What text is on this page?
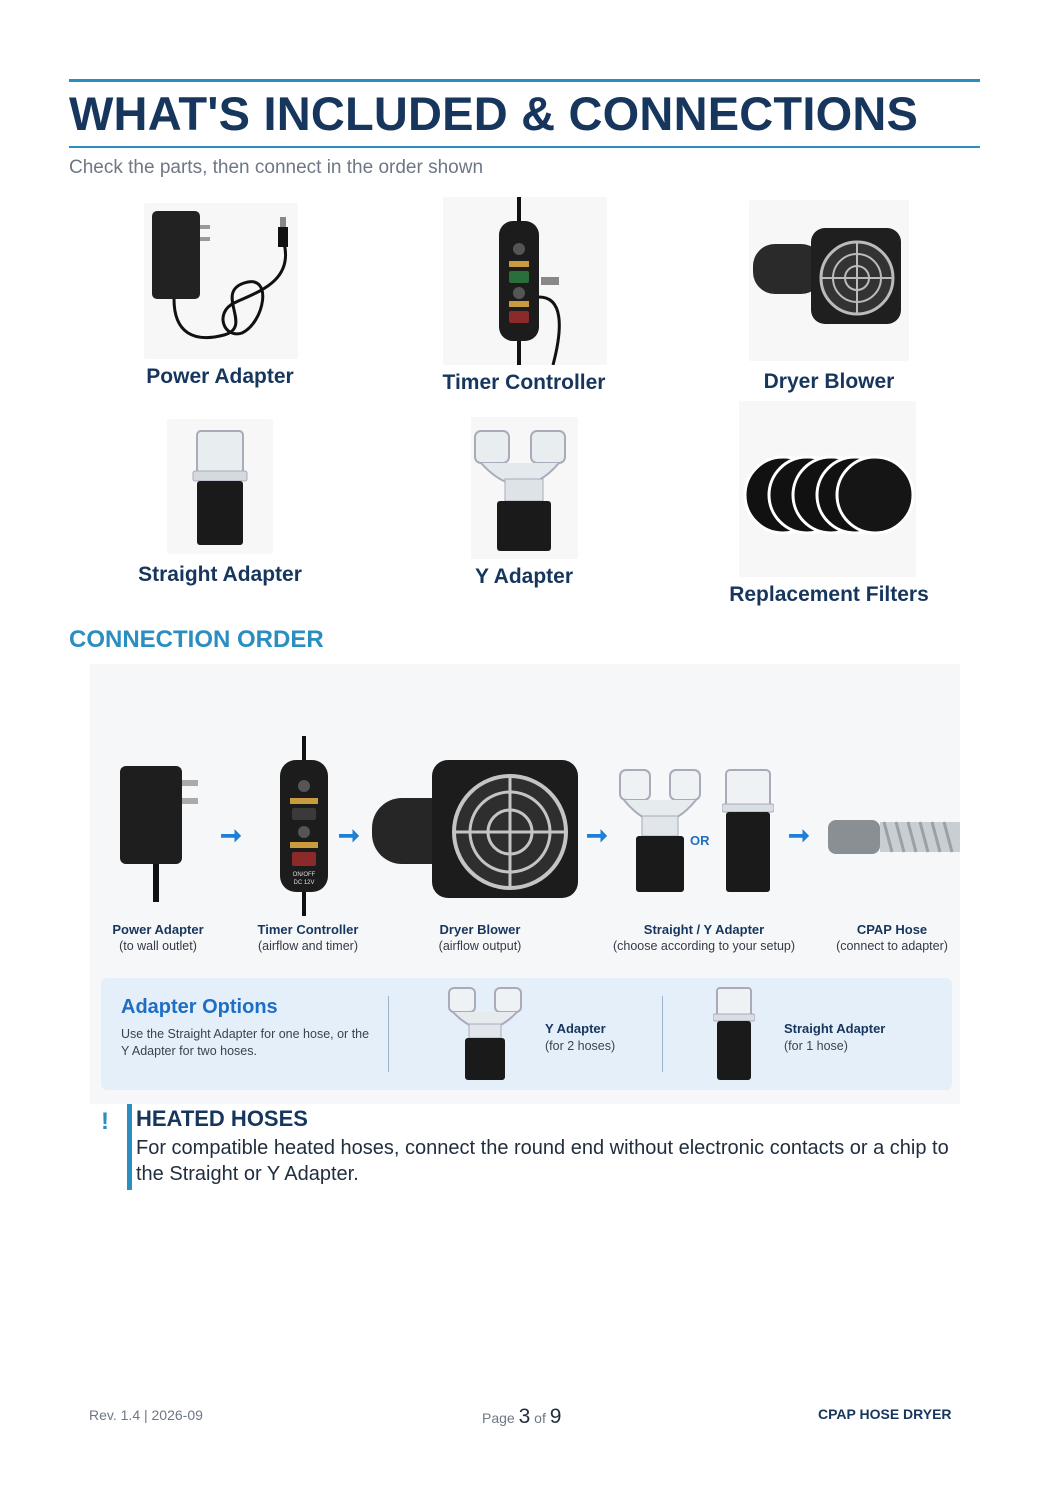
WHAT'S INCLUDED & CONNECTIONS

Check the parts, then connect in the order shown

Power Adapter	Timer Controller	Dryer Blower
Straight Adapter	Y Adapter
Replacement Filters
CONNECTION ORDER
➞
ON/OFF
DC 12V
➞	➞	OR	➞
Power Adapter
(to wall outlet)
Timer Controller
(airflow and timer)
Dryer Blower
(airflow output)
Straight / Y Adapter
(choose according to your setup)
CPAP Hose
(connect to adapter)
Adapter Options
Use the Straight Adapter for one hose, or the Y Adapter for two hoses.
Y Adapter
(for 2 hoses)
Straight Adapter
(for 1 hose)
! HEATED HOSES

For compatible heated hoses, connect the round end without electronic contacts or a chip to the Straight or Y Adapter.

Rev. 1.4 | 2026-09	Page 3 of 9	CPAP HOSE DRYER
